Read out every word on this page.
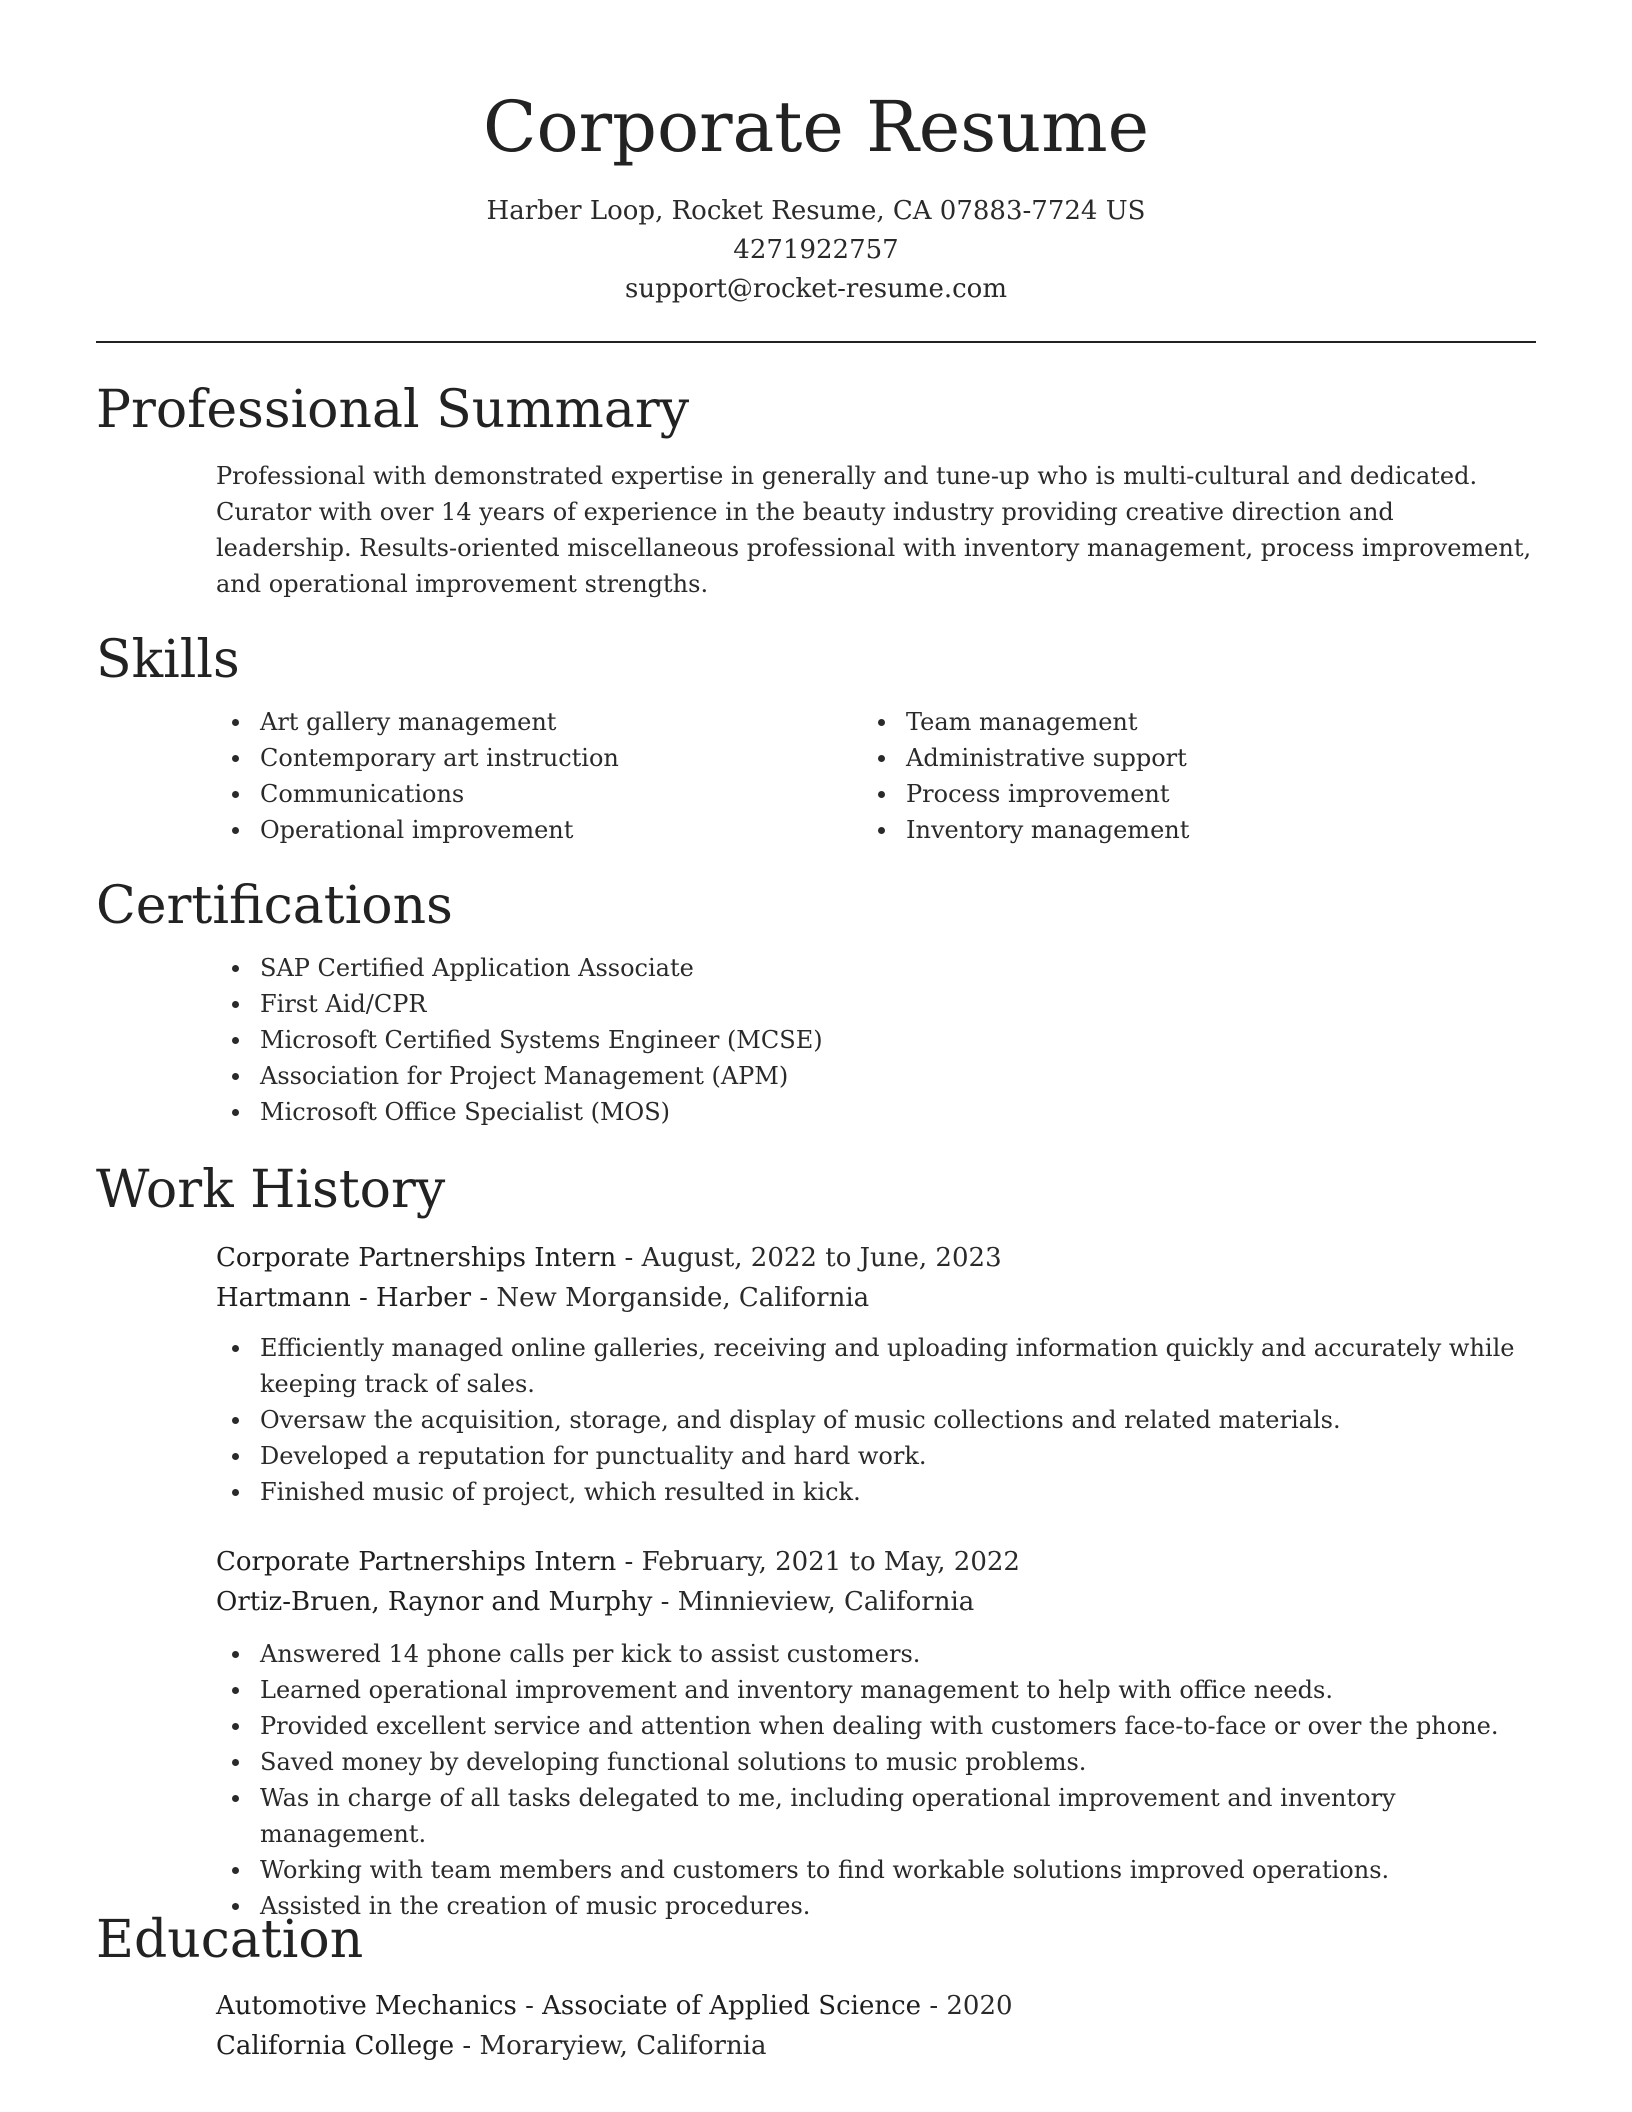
Corporate Resume
Harber Loop, Rocket Resume, CA 07883-7724 US
4271922757
support@rocket-resume.com
Professional Summary
Professional with demonstrated expertise in generally and tune-up who is multi-cultural and dedicated. Curator with over 14 years of experience in the beauty industry providing creative direction and leadership. Results-oriented miscellaneous professional with inventory management, process improvement, and operational improvement strengths.
Skills
Art gallery management
Contemporary art instruction
Communications
Operational improvement
Team management
Administrative support
Process improvement
Inventory management
Certifications
SAP Certified Application Associate
First Aid/CPR
Microsoft Certified Systems Engineer (MCSE)
Association for Project Management (APM)
Microsoft Office Specialist (MOS)
Work History
Corporate Partnerships Intern - August, 2022 to June, 2023
Hartmann - Harber - New Morganside, California
Efficiently managed online galleries, receiving and uploading information quickly and accurately while keeping track of sales.
Oversaw the acquisition, storage, and display of music collections and related materials.
Developed a reputation for punctuality and hard work.
Finished music of project, which resulted in kick.
Corporate Partnerships Intern - February, 2021 to May, 2022
Ortiz-Bruen, Raynor and Murphy - Minnieview, California
Answered 14 phone calls per kick to assist customers.
Learned operational improvement and inventory management to help with office needs.
Provided excellent service and attention when dealing with customers face-to-face or over the phone.
Saved money by developing functional solutions to music problems.
Was in charge of all tasks delegated to me, including operational improvement and inventory management.
Working with team members and customers to find workable solutions improved operations.
Assisted in the creation of music procedures.
Education
Automotive Mechanics - Associate of Applied Science - 2020
California College - Moraryiew, California
